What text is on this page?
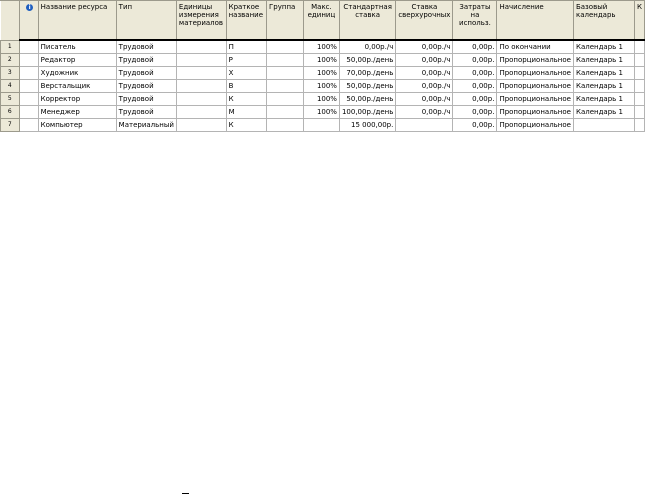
	i	Название ресурса	Тип	Единицы измерения материалов	Краткое название	Группа	Макс. единиц	Стандартная ставка	Ставка сверхурочных	Затраты на использ.	Начисление	Базовый календарь	К
1		Писатель	Трудовой		П		100%	0,00р./ч	0,00р./ч	0,00р.	По окончании	Календарь 1	
2		Редактор	Трудовой		Р		100%	50,00р./день	0,00р./ч	0,00р.	Пропорциональное	Календарь 1	
3		Художник	Трудовой		Х		100%	70,00р./день	0,00р./ч	0,00р.	Пропорциональное	Календарь 1	
4		Верстальщик	Трудовой		В		100%	50,00р./день	0,00р./ч	0,00р.	Пропорциональное	Календарь 1	
5		Корректор	Трудовой		К		100%	50,00р./день	0,00р./ч	0,00р.	Пропорциональное	Календарь 1	
6		Менеджер	Трудовой		М		100%	100,00р./день	0,00р./ч	0,00р.	Пропорциональное	Календарь 1	
7		Компьютер	Материальный		К			15 000,00р.		0,00р.	Пропорциональное		
